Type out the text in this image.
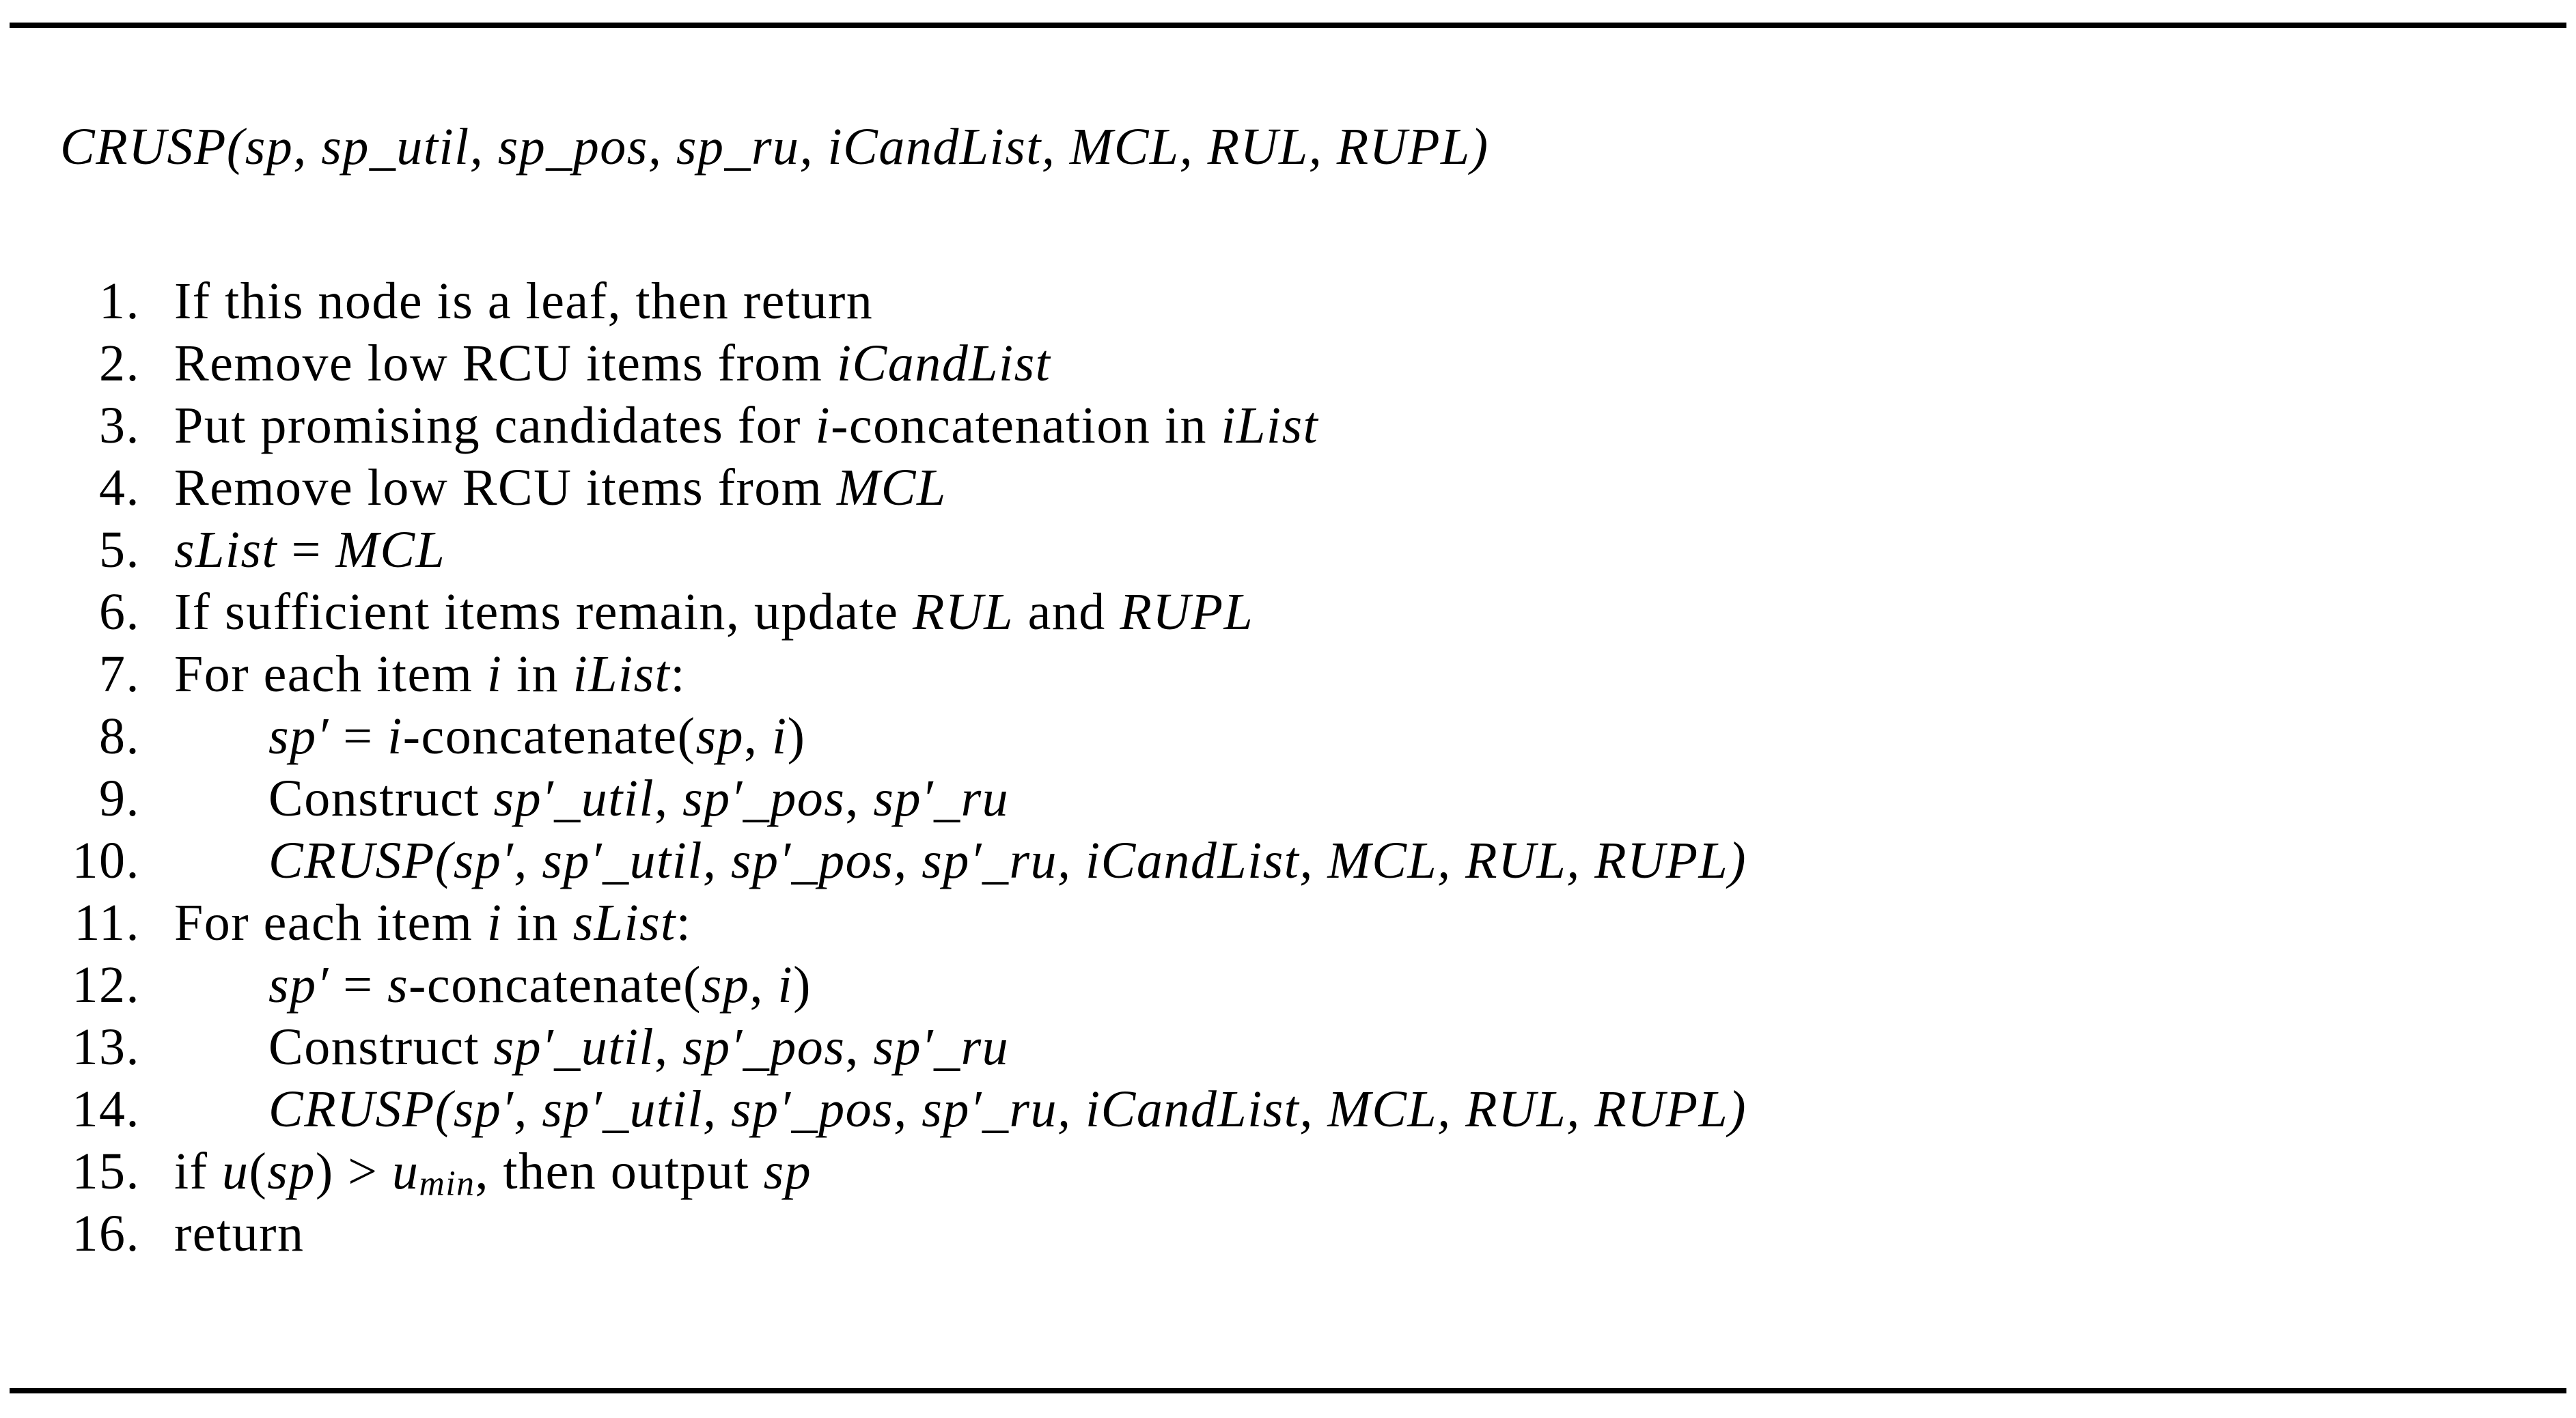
CRUSP(sp, sp_util, sp_pos, sp_ru, iCandList, MCL, RUL, RUPL)
1. If this node is a leaf, then return
2. Remove low RCU items from iCandList
3. Put promising candidates for i-concatenation in iList
4. Remove low RCU items from MCL
5. sList = MCL
6. If sufficient items remain, update RUL and RUPL
7. For each item i in iList:
8. sp′ = i-concatenate(sp, i)
9. Construct sp′_util, sp′_pos, sp′_ru
10. CRUSP(sp′, sp′_util, sp′_pos, sp′_ru, iCandList, MCL, RUL, RUPL)
11. For each item i in sList:
12. sp′ = s-concatenate(sp, i)
13. Construct sp′_util, sp′_pos, sp′_ru
14. CRUSP(sp′, sp′_util, sp′_pos, sp′_ru, iCandList, MCL, RUL, RUPL)
15. if u(sp) > umin, then output sp
16. return
